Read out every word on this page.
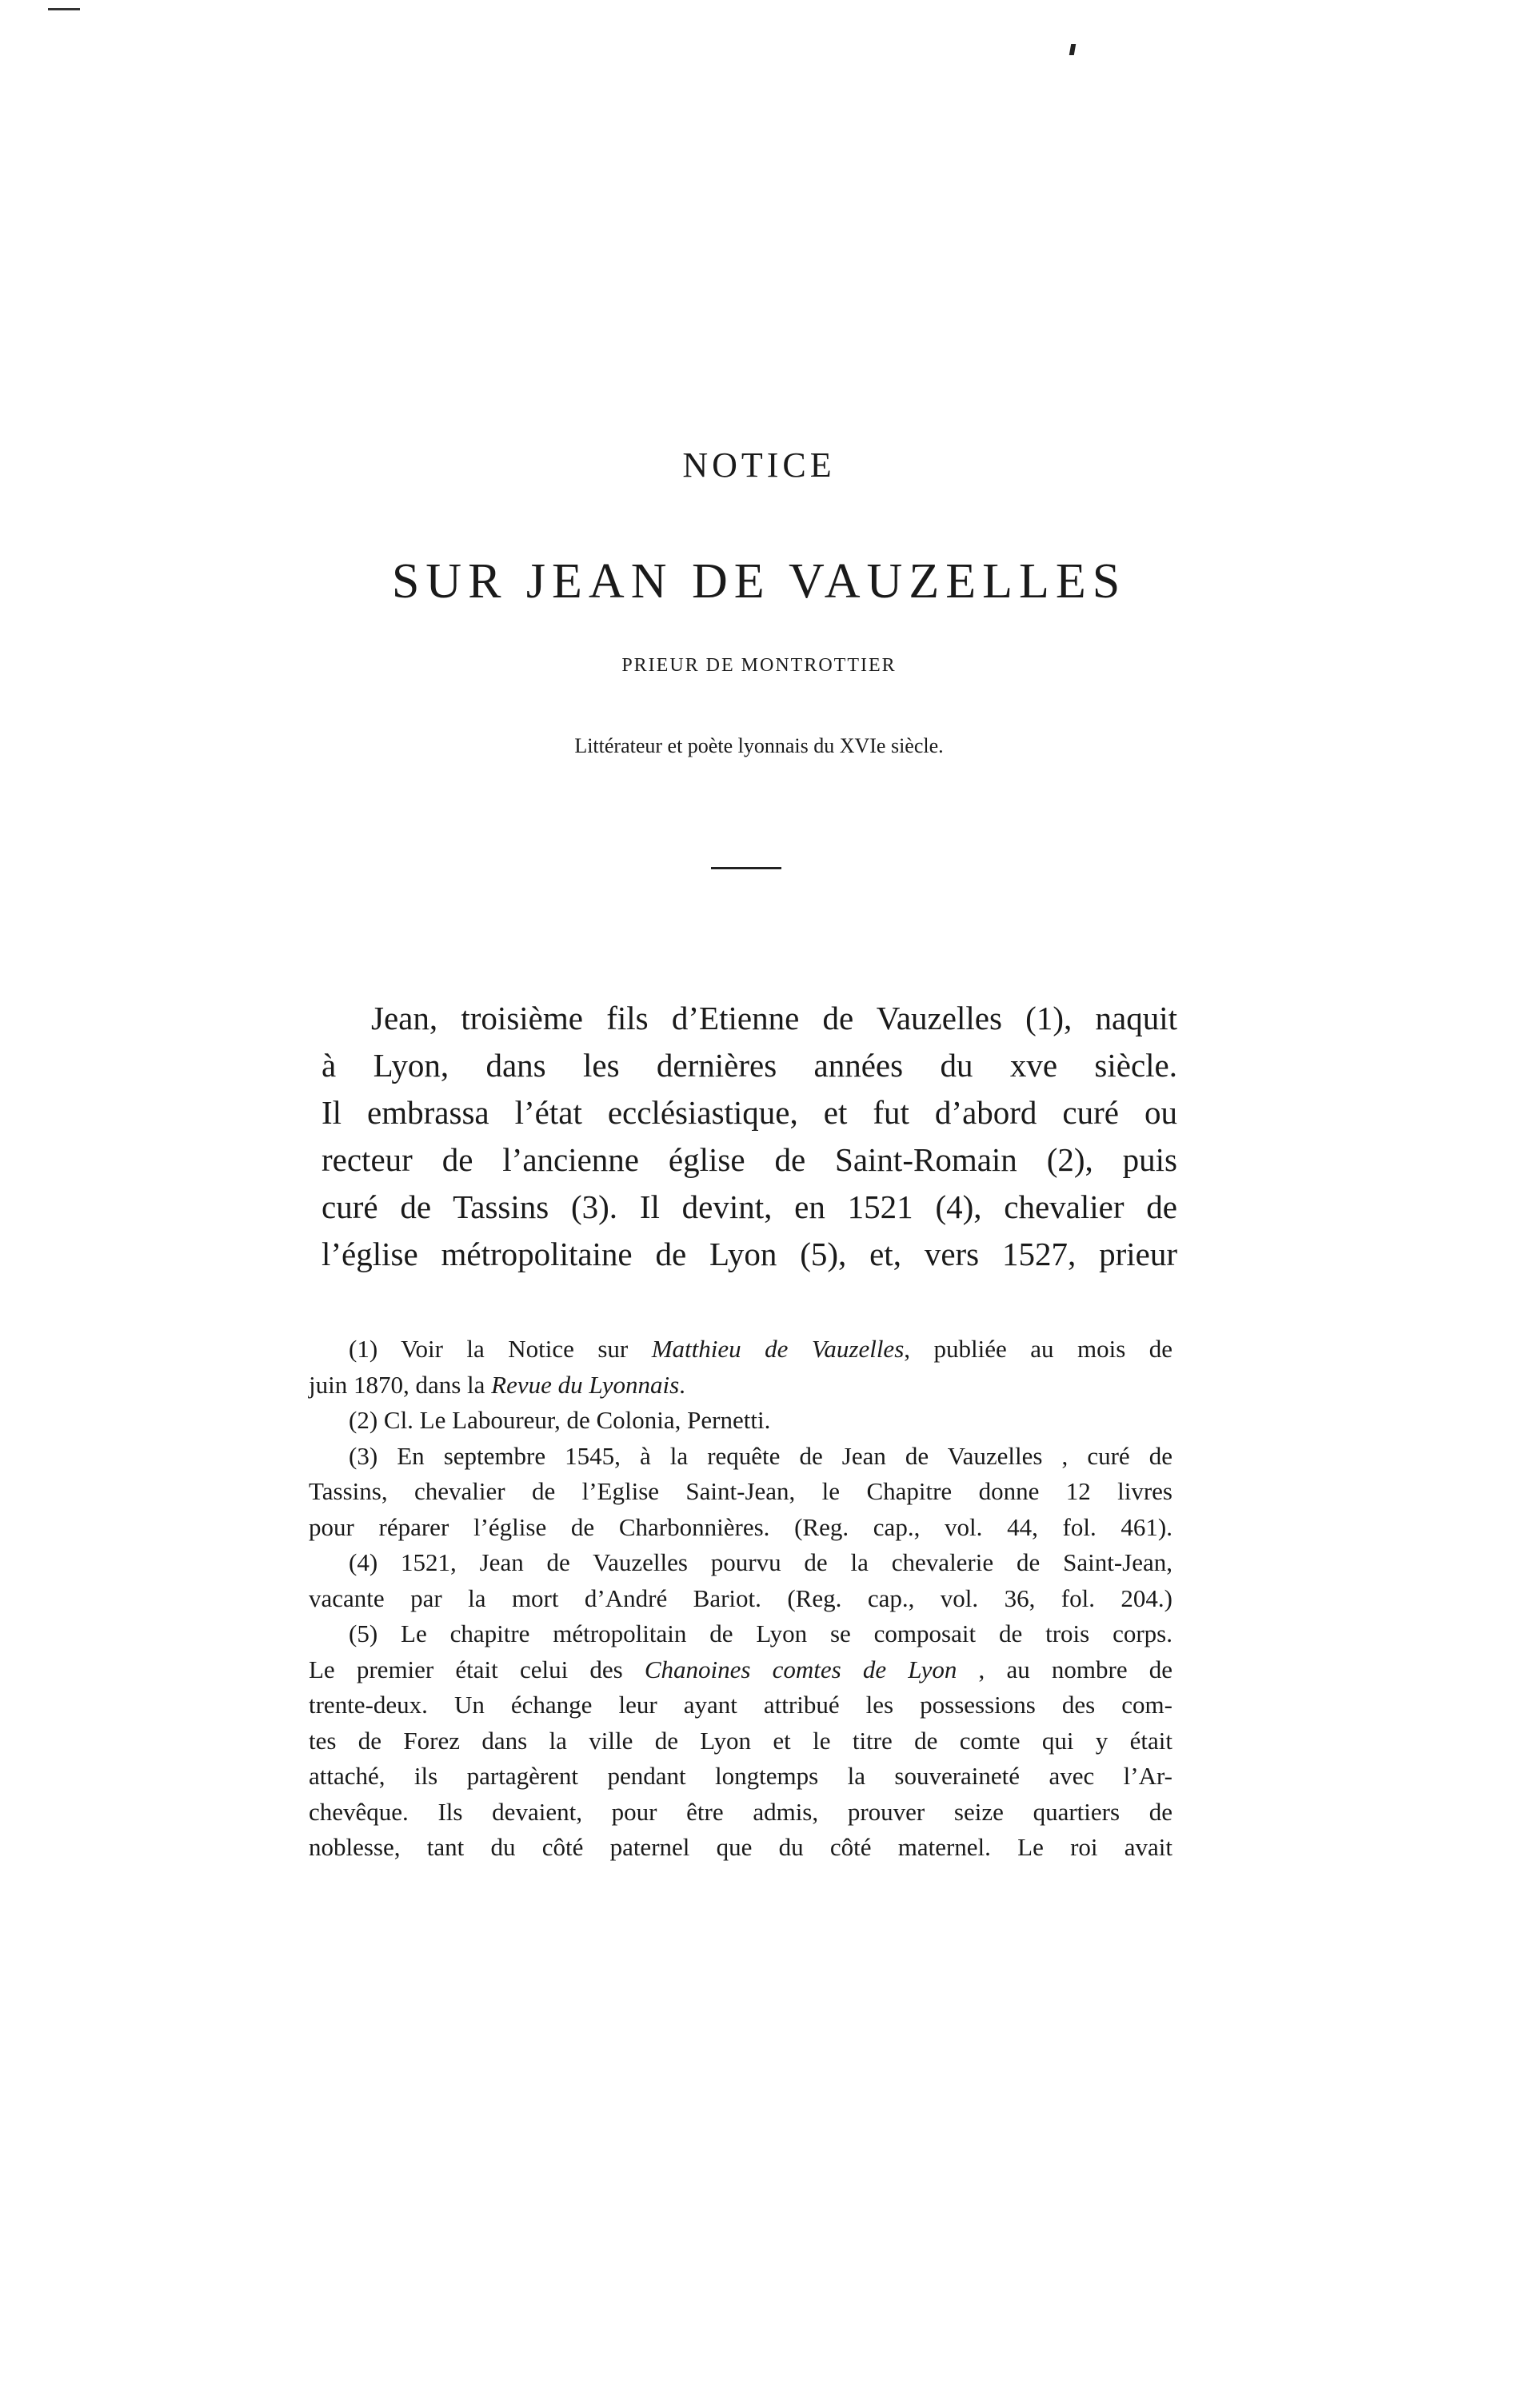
NOTICE
SUR JEAN DE VAUZELLES
PRIEUR DE MONTROTTIER
Littérateur et poète lyonnais du XVIe siècle.
Jean, troisième fils d’Etienne de Vauzelles (1), naquit
à Lyon, dans les dernières années du xve siècle.
Il embrassa l’état ecclésiastique, et fut d’abord curé ou
recteur de l’ancienne église de Saint-Romain (2), puis
curé de Tassins (3). Il devint, en 1521 (4), chevalier de
l’église métropolitaine de Lyon (5), et, vers 1527, prieur
(1) Voir la Notice sur Matthieu de Vauzelles, publiée au mois de
juin 1870, dans la Revue du Lyonnais.
(2) Cl. Le Laboureur, de Colonia, Pernetti.
(3) En septembre 1545, à la requête de Jean de Vauzelles , curé de
Tassins, chevalier de l’Eglise Saint-Jean, le Chapitre donne 12 livres
pour réparer l’église de Charbonnières. (Reg. cap., vol. 44, fol. 461).
(4) 1521, Jean de Vauzelles pourvu de la chevalerie de Saint-Jean,
vacante par la mort d’André Bariot. (Reg. cap., vol. 36, fol. 204.)
(5) Le chapitre métropolitain de Lyon se composait de trois corps.
Le premier était celui des Chanoines comtes de Lyon , au nombre de
trente-deux. Un échange leur ayant attribué les possessions des com-
tes de Forez dans la ville de Lyon et le titre de comte qui y était
attaché, ils partagèrent pendant longtemps la souveraineté avec l’Ar-
chevêque. Ils devaient, pour être admis, prouver seize quartiers de
noblesse, tant du côté paternel que du côté maternel. Le roi avait
